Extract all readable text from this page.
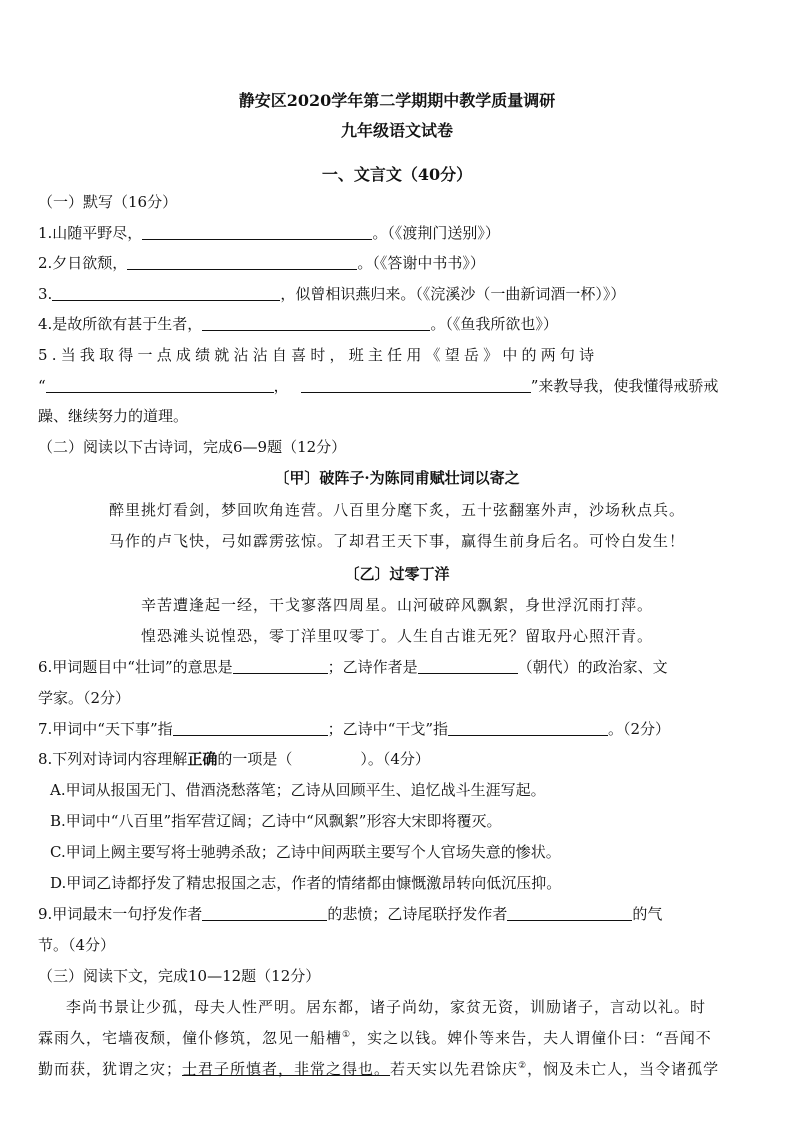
静安区2020学年第二学期期中教学质量调研
九年级语文试卷
一、文言文（40分）
（一）默写（16分）
1.山随平野尽，	。（《渡荆门送别》）
2.夕日欲颓，	。（《答谢中书书》）
3.	，似曾相识燕归来。（《浣溪沙（一曲新词酒一杯）》）
4.是故所欲有甚于生者，	。（《鱼我所欲也》）
5.当我取得一点成绩就沾沾自喜时，班主任用《望岳》中的两句诗
“	，	”来教导我，使我懂得戒骄戒
躁、继续努力的道理。
（二）阅读以下古诗词，完成6—9题（12分）
〔甲〕破阵子·为陈同甫赋壮词以寄之
醉里挑灯看剑，梦回吹角连营。八百里分麾下炙，五十弦翻塞外声，沙场秋点兵。
马作的卢飞快，弓如霹雳弦惊。了却君王天下事，赢得生前身后名。可怜白发生！
〔乙〕过零丁洋
辛苦遭逢起一经，干戈寥落四周星。山河破碎风飘絮，身世浮沉雨打萍。
惶恐滩头说惶恐，零丁洋里叹零丁。人生自古谁无死？留取丹心照汗青。
6.甲词题目中“壮词”的意思是	；乙诗作者是	（朝代）的政治家、文
学家。（2分）
7.甲词中“天下事”指	；乙诗中“干戈”指	。（2分）
8.下列对诗词内容理解正确的一项是（	）。（4分）
A.甲词从报国无门、借酒浇愁落笔；乙诗从回顾平生、追忆战斗生涯写起。
B.甲词中“八百里”指军营辽阔；乙诗中“风飘絮”形容大宋即将覆灭。
C.甲词上阙主要写将士驰骋杀敌；乙诗中间两联主要写个人官场失意的惨状。
D.甲词乙诗都抒发了精忠报国之志，作者的情绪都由慷慨激昂转向低沉压抑。
9.甲词最末一句抒发作者	的悲愤；乙诗尾联抒发作者	的气
节。（4分）
（三）阅读下文，完成10—12题（12分）
李尚书景让少孤，母夫人性严明。居东都，诸子尚幼，家贫无资，训励诸子，言动以礼。时
霖雨久，宅墙夜颓，僮仆修筑，忽见一船槽①，实之以钱。婢仆等来告，夫人谓僮仆曰：“吾闻不
勤而获，犹谓之灾；士君子所慎者，非常之得也。若天实以先君馀庆②，悯及未亡人，当令诸孤学
